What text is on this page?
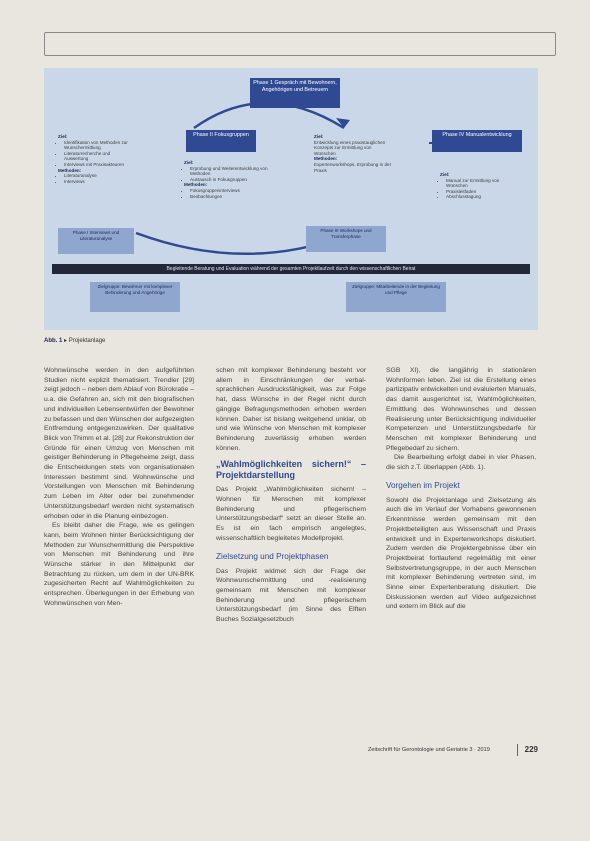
Phase 1 Gespräch mit Bewohnern, Angehörigen und Betreuern
Phase II Fokusgruppen	Phase IV Manualentwicklung
Phase I Interviews und Literaturanalyse
Phase III Workshops und Transferphase
Begleitende Beratung und Evaluation während der gesamten Projektlaufzeit durch den wissenschaftlichen Beirat
Zielgruppe: Bewohner mit komplexer Behinderung und Angehörige
Zielgruppe: Mitarbeitende in der Begleitung und Pflege
Ziel:
• Identifikation von Methoden zur Wunschermittlung
• Literaturrecherche und Auswertung
• Interviews mit Praxisakteuren
Methoden:
• Literaturanalyse
• Interviews
Ziel:
• Erprobung und Weiterentwicklung von Methoden
• Austausch in Fokusgruppen
Methoden:
• Fokusgruppeninterviews
• Beobachtungen
Ziel:
Entwicklung eines praxistauglichen Konzepts zur Ermittlung von Wünschen
Methoden:
Expertenworkshops, Erprobung in der Praxis
Ziel:
• Manual zur Ermittlung von Wünschen
• Praxisleitfaden
• Abschlusstagung
Abb. 1 ▸ Projektanlage

Wohnwünsche werden in den aufgeführten Studien nicht explizit thematisiert. Trendler [29] zeigt jedoch – neben dem Ablauf von Bürokratie – u.a. die Gefahren an, sich mit den biografischen und individuellen Lebensentwürfen der Bewohner zu befassen und den Wünschen der aufgezeigten Entfremdung entgegenzuwirken. Der qualitative Blick von Thimm et al. [28] zur Rekonstruktion der Gründe für einen Umzug von Menschen mit geistiger Behinderung in Pflegeheime zeigt, dass die Entscheidungen stets von organisationalen Interessen bestimmt sind. Wohnwünsche und Vorstellungen von Menschen mit Behinderung zum Leben im Alter oder bei zunehmender Unterstützungsbedarf werden nicht systematisch erhoben oder in die Planung einbezogen.

Es bleibt daher die Frage, wie es gelingen kann, beim Wohnen hinter Berücksichtigung der Methoden zur Wunschermittlung die Perspektive von Menschen mit Behinderung und ihre Wünsche stärker in den Mittelpunkt der Betrachtung zu rücken, um dem in der UN-BRK zugesicherten Recht auf Wahlmöglichkeiten zu entsprechen. Überlegungen in der Erhebung von Wohnwünschen von Men-

schen mit komplexer Behinderung besteht vor allem in Einschränkungen der verbal-sprachlichen Ausdrucksfähigkeit, was zur Folge hat, dass Wünsche in der Regel nicht durch gängige Befragungsmethoden erhoben werden können. Daher ist bislang weitgehend unklar, ob und wie Wünsche von Menschen mit komplexer Behinderung zuverlässig erhoben werden können.

„Wahlmöglichkeiten sichern!“ – Projektdarstellung

Das Projekt „Wahlmöglichkeiten sichern! – Wohnen für Menschen mit komplexer Behinderung und pflegerischem Unterstützungsbedarf“ setzt an dieser Stelle an. Es ist ein fach empirisch angelegtes, wissenschaftlich begleitetes Modellprojekt.

Zielsetzung und Projektphasen

Das Projekt widmet sich der Frage der Wohnwunschermittlung und -realisierung gemeinsam mit Menschen mit komplexer Behinderung und pflegerischem Unterstützungsbedarf (im Sinne des Elften Buches Sozialgesetzbuch

SGB XI), die langjährig in stationären Wohnformen leben. Ziel ist die Erstellung eines partizipativ entwickelten und evaluierten Manuals, das damit ausgerichtet ist, Wahlmöglichkeiten, Ermittlung des Wohnwunsches und dessen Realisierung unter Berücksichtigung individueller Kompetenzen und Unterstützungsbedarfe für Menschen mit komplexer Behinderung und Pflegebedarf zu sichern.

Die Bearbeitung erfolgt dabei in vier Phasen, die sich z.T. überlappen (Abb. 1).

Vorgehen im Projekt

Sowohl die Projektanlage und Zielsetzung als auch die im Verlauf der Vorhabens gewonnenen Erkenntnisse werden gemeinsam mit den Projektbeteiligten aus Wissenschaft und Praxis entwickelt und in Expertenworkshops diskutiert. Zudem werden die Projektergebnisse über ein Projektbeirat fortlaufend regelmäßig mit einer Selbstvertretungsgruppe, in der auch Menschen mit komplexer Behinderung vertreten sind, im Sinne einer Expertenberatung diskutiert. Die Diskussionen werden auf Video aufgezeichnet und extern im Blick auf die

Zeitschrift für Gerontologie und Geriatrie 3 · 2019	229
